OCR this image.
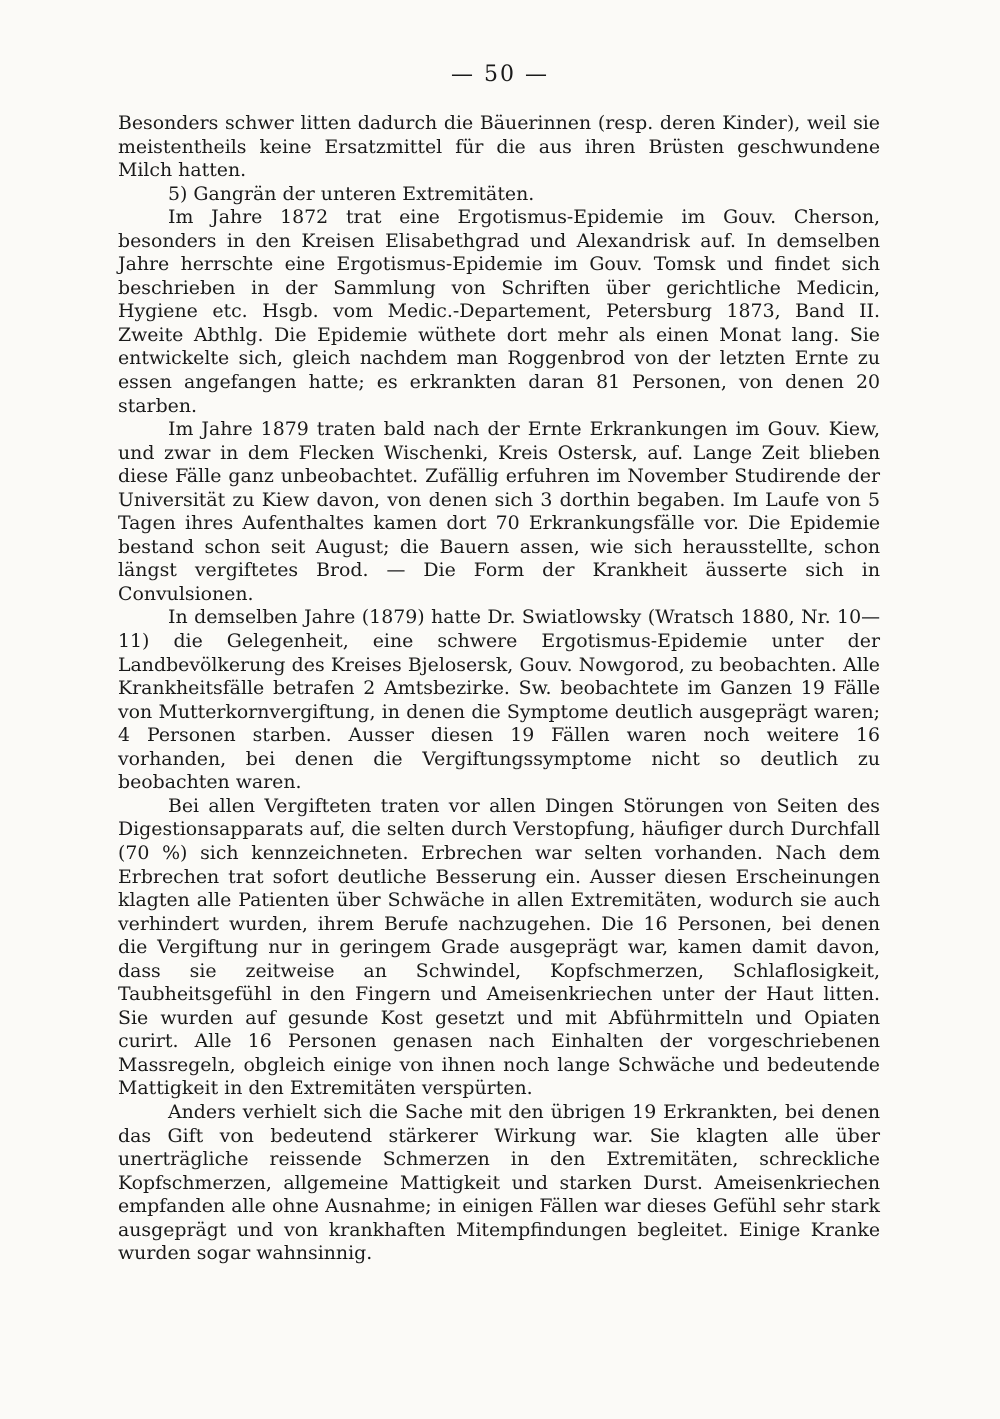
— 50 —

Besonders schwer litten dadurch die Bäuerinnen (resp. deren Kinder), weil sie meistentheils keine Ersatzmittel für die aus ihren Brüsten geschwundene Milch hatten.

5) Gangrän der unteren Extremitäten.

Im Jahre 1872 trat eine Ergotismus-Epidemie im Gouv. Cherson, besonders in den Kreisen Elisabethgrad und Alexandrisk auf. In demselben Jahre herrschte eine Ergotismus-Epidemie im Gouv. Tomsk und findet sich beschrieben in der Sammlung von Schriften über gerichtliche Medicin, Hygiene etc. Hsgb. vom Medic.-Departement, Petersburg 1873, Band II. Zweite Abthlg. Die Epidemie wüthete dort mehr als einen Monat lang. Sie entwickelte sich, gleich nachdem man Roggenbrod von der letzten Ernte zu essen angefangen hatte; es erkrankten daran 81 Personen, von denen 20 starben.

Im Jahre 1879 traten bald nach der Ernte Erkrankungen im Gouv. Kiew, und zwar in dem Flecken Wischenki, Kreis Ostersk, auf. Lange Zeit blieben diese Fälle ganz unbeobachtet. Zufällig erfuhren im November Studirende der Universität zu Kiew davon, von denen sich 3 dorthin begaben. Im Laufe von 5 Tagen ihres Aufenthaltes kamen dort 70 Erkrankungsfälle vor. Die Epidemie bestand schon seit August; die Bauern assen, wie sich herausstellte, schon längst vergiftetes Brod. — Die Form der Krankheit äusserte sich in Convulsionen.

In demselben Jahre (1879) hatte Dr. Swiatlowsky (Wratsch 1880, Nr. 10—11) die Gelegenheit, eine schwere Ergotismus-Epidemie unter der Landbevölkerung des Kreises Bjelosersk, Gouv. Nowgorod, zu beobachten. Alle Krankheitsfälle betrafen 2 Amtsbezirke. Sw. beobachtete im Ganzen 19 Fälle von Mutterkornvergiftung, in denen die Symptome deutlich ausgeprägt waren; 4 Personen starben. Ausser diesen 19 Fällen waren noch weitere 16 vorhanden, bei denen die Vergiftungssymptome nicht so deutlich zu beobachten waren.

Bei allen Vergifteten traten vor allen Dingen Störungen von Seiten des Digestionsapparats auf, die selten durch Verstopfung, häufiger durch Durchfall (70 %) sich kennzeichneten. Erbrechen war selten vorhanden. Nach dem Erbrechen trat sofort deutliche Besserung ein. Ausser diesen Erscheinungen klagten alle Patienten über Schwäche in allen Extremitäten, wodurch sie auch verhindert wurden, ihrem Berufe nachzugehen. Die 16 Personen, bei denen die Vergiftung nur in geringem Grade ausgeprägt war, kamen damit davon, dass sie zeitweise an Schwindel, Kopfschmerzen, Schlaflosigkeit, Taubheitsgefühl in den Fingern und Ameisenkriechen unter der Haut litten. Sie wurden auf gesunde Kost gesetzt und mit Abführmitteln und Opiaten curirt. Alle 16 Personen genasen nach Einhalten der vorgeschriebenen Massregeln, obgleich einige von ihnen noch lange Schwäche und bedeutende Mattigkeit in den Extremitäten verspürten.

Anders verhielt sich die Sache mit den übrigen 19 Erkrankten, bei denen das Gift von bedeutend stärkerer Wirkung war. Sie klagten alle über unerträgliche reissende Schmerzen in den Extremitäten, schreckliche Kopfschmerzen, allgemeine Mattigkeit und starken Durst. Ameisenkriechen empfanden alle ohne Ausnahme; in einigen Fällen war dieses Gefühl sehr stark ausgeprägt und von krankhaften Mitempfindungen begleitet. Einige Kranke wurden sogar wahnsinnig.
